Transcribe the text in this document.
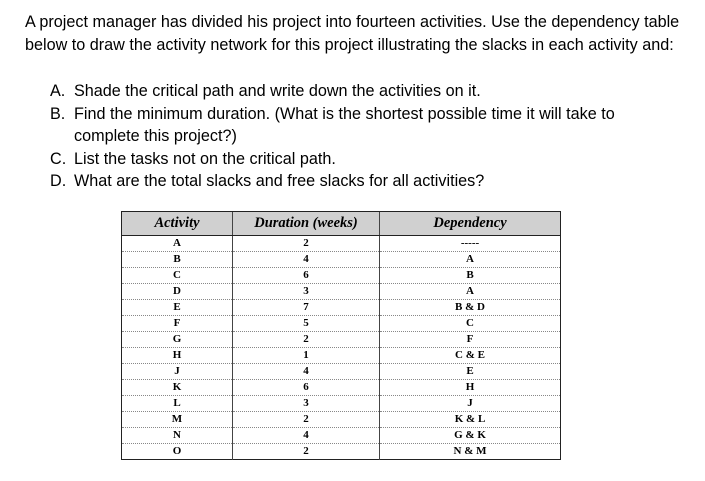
A project manager has divided his project into fourteen activities. Use the dependency table below to draw the activity network for this project illustrating the slacks in each activity and:

A. Shade the critical path and write down the activities on it.
B. Find the minimum duration. (What is the shortest possible time it will take to complete this project?)
C. List the tasks not on the critical path.
D. What are the total slacks and free slacks for all activities?
Activity	Duration (weeks)	Dependency
A	2	-----
B	4	A
C	6	B
D	3	A
E	7	B & D
F	5	C
G	2	F
H	1	C & E
J	4	E
K	6	H
L	3	J
M	2	K & L
N	4	G & K
O	2	N & M
